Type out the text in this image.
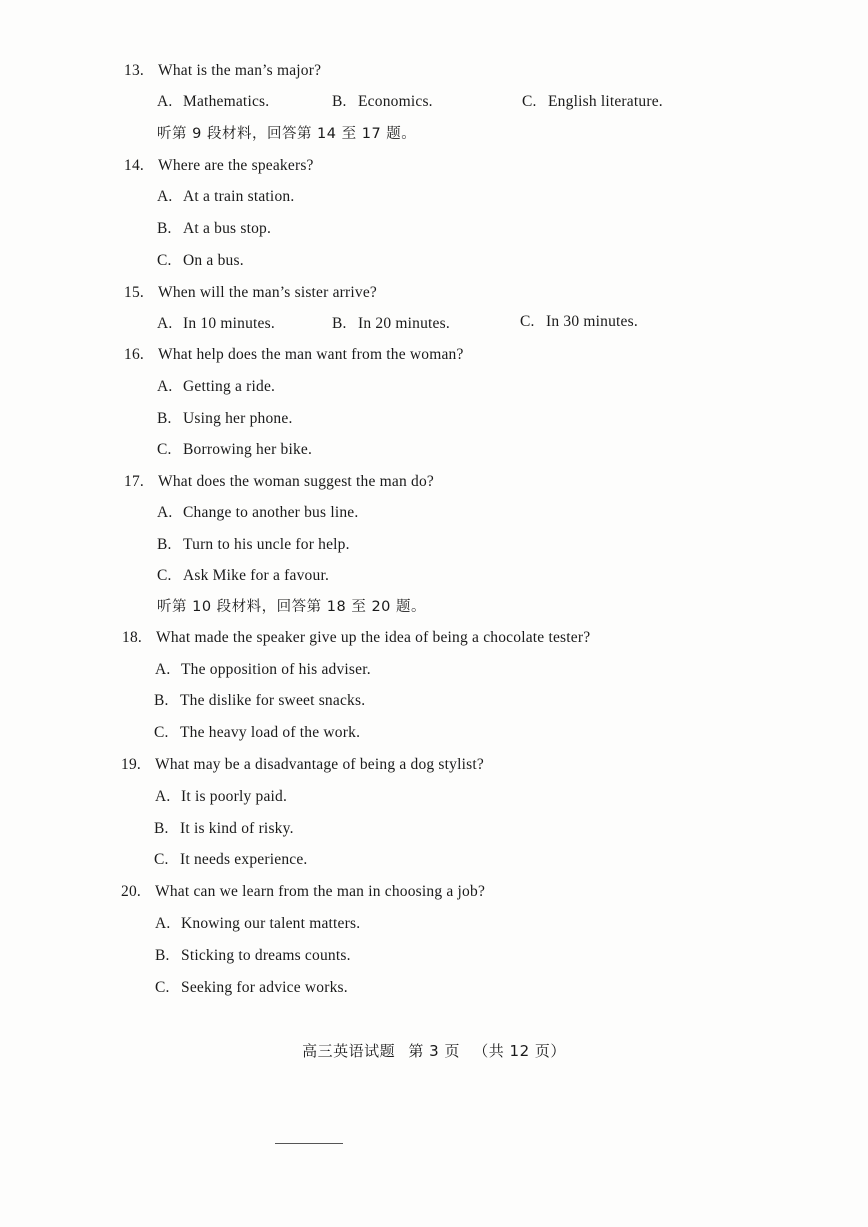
13. What is the man’s major?
A. Mathematics.	B. Economics.	C. English literature.
听第 9 段材料，回答第 14 至 17 题。
14. Where are the speakers?
A. At a train station.
B. At a bus stop.
C. On a bus.
15. When will the man’s sister arrive?
A. In 10 minutes.	B. In 20 minutes.	C. In 30 minutes.
16. What help does the man want from the woman?
A. Getting a ride.
B. Using her phone.
C. Borrowing her bike.
17. What does the woman suggest the man do?
A. Change to another bus line.
B. Turn to his uncle for help.
C. Ask Mike for a favour.
听第 10 段材料，回答第 18 至 20 题。
18. What made the speaker give up the idea of being a chocolate tester?
A. The opposition of his adviser.
B. The dislike for sweet snacks.
C. The heavy load of the work.
19. What may be a disadvantage of being a dog stylist?
A. It is poorly paid.
B. It is kind of risky.
C. It needs experience.
20. What can we learn from the man in choosing a job?
A. Knowing our talent matters.
B. Sticking to dreams counts.
C. Seeking for advice works.
高三英语试题 第 3 页 （共 12 页）
